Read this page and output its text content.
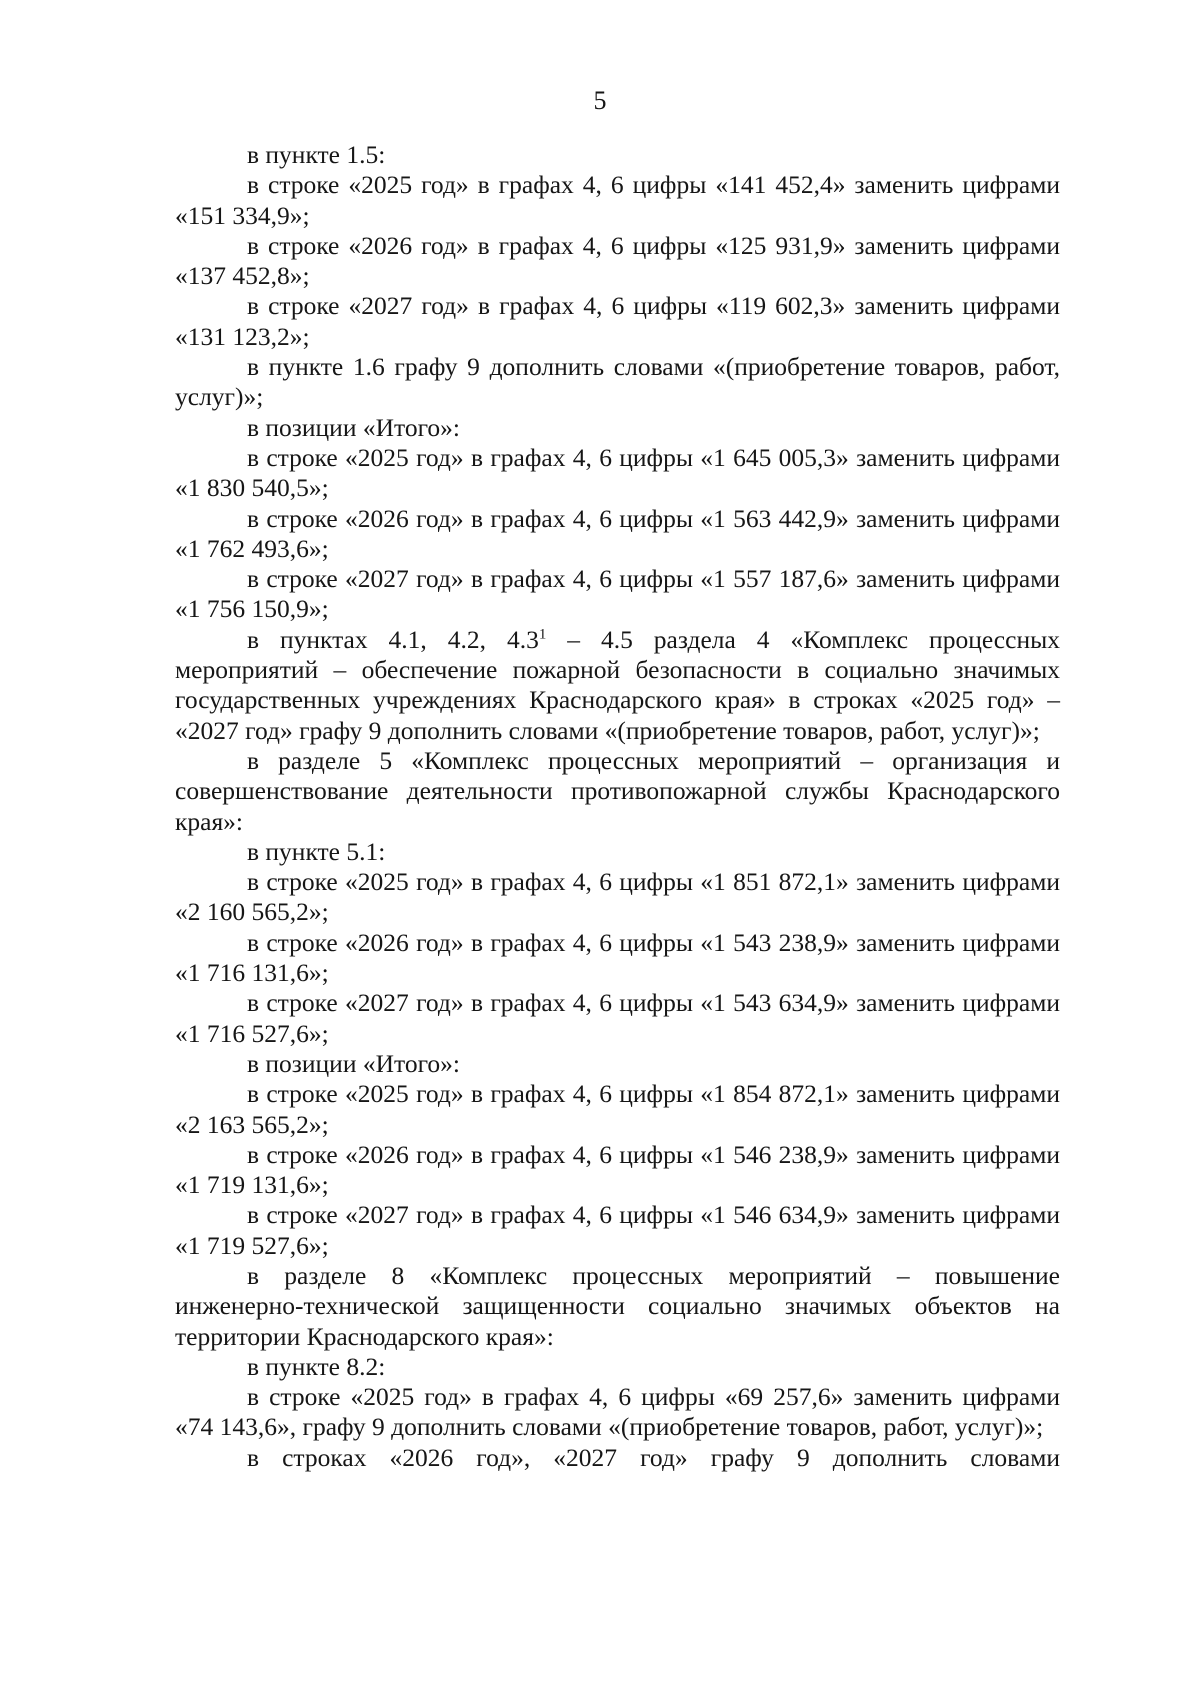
5

в пункте 1.5:

в строке «2025 год» в графах 4, 6 цифры «141 452,4» заменить цифрами «151 334,9»;

в строке «2026 год» в графах 4, 6 цифры «125 931,9» заменить цифрами «137 452,8»;

в строке «2027 год» в графах 4, 6 цифры «119 602,3» заменить цифрами «131 123,2»;

в пункте 1.6 графу 9 дополнить словами «(приобретение товаров, работ, услуг)»;

в позиции «Итого»:

в строке «2025 год» в графах 4, 6 цифры «1 645 005,3» заменить цифрами «1 830 540,5»;

в строке «2026 год» в графах 4, 6 цифры «1 563 442,9» заменить цифрами «1 762 493,6»;

в строке «2027 год» в графах 4, 6 цифры «1 557 187,6» заменить цифрами «1 756 150,9»;

в пунктах 4.1, 4.2, $4.3^1 - 4.5$ раздела 4 «Комплекс процессных мероприятий – обеспечение пожарной безопасности в социально значимых государственных учреждениях Краснодарского края» в строках «2025 год» – «2027 год» графу 9 дополнить словами «(приобретение товаров, работ, услуг)»;

в разделе 5 «Комплекс процессных мероприятий – организация и совершенствование деятельности противопожарной службы Краснодарского края»:

в пункте 5.1:

в строке «2025 год» в графах 4, 6 цифры «1 851 872,1» заменить цифрами «2 160 565,2»;

в строке «2026 год» в графах 4, 6 цифры «1 543 238,9» заменить цифрами «1 716 131,6»;

в строке «2027 год» в графах 4, 6 цифры «1 543 634,9» заменить цифрами «1 716 527,6»;

в позиции «Итого»:

в строке «2025 год» в графах 4, 6 цифры «1 854 872,1» заменить цифрами «2 163 565,2»;

в строке «2026 год» в графах 4, 6 цифры «1 546 238,9» заменить цифрами «1 719 131,6»;

в строке «2027 год» в графах 4, 6 цифры «1 546 634,9» заменить цифрами «1 719 527,6»;

в разделе 8 «Комплекс процессных мероприятий – повышение инженерно-технической защищенности социально значимых объектов на территории Краснодарского края»:

в пункте 8.2:

в строке «2025 год» в графах 4, 6 цифры «69 257,6» заменить цифрами «74 143,6», графу 9 дополнить словами «(приобретение товаров, работ, услуг)»;

в строках «2026 год», «2027 год» графу 9 дополнить словами
